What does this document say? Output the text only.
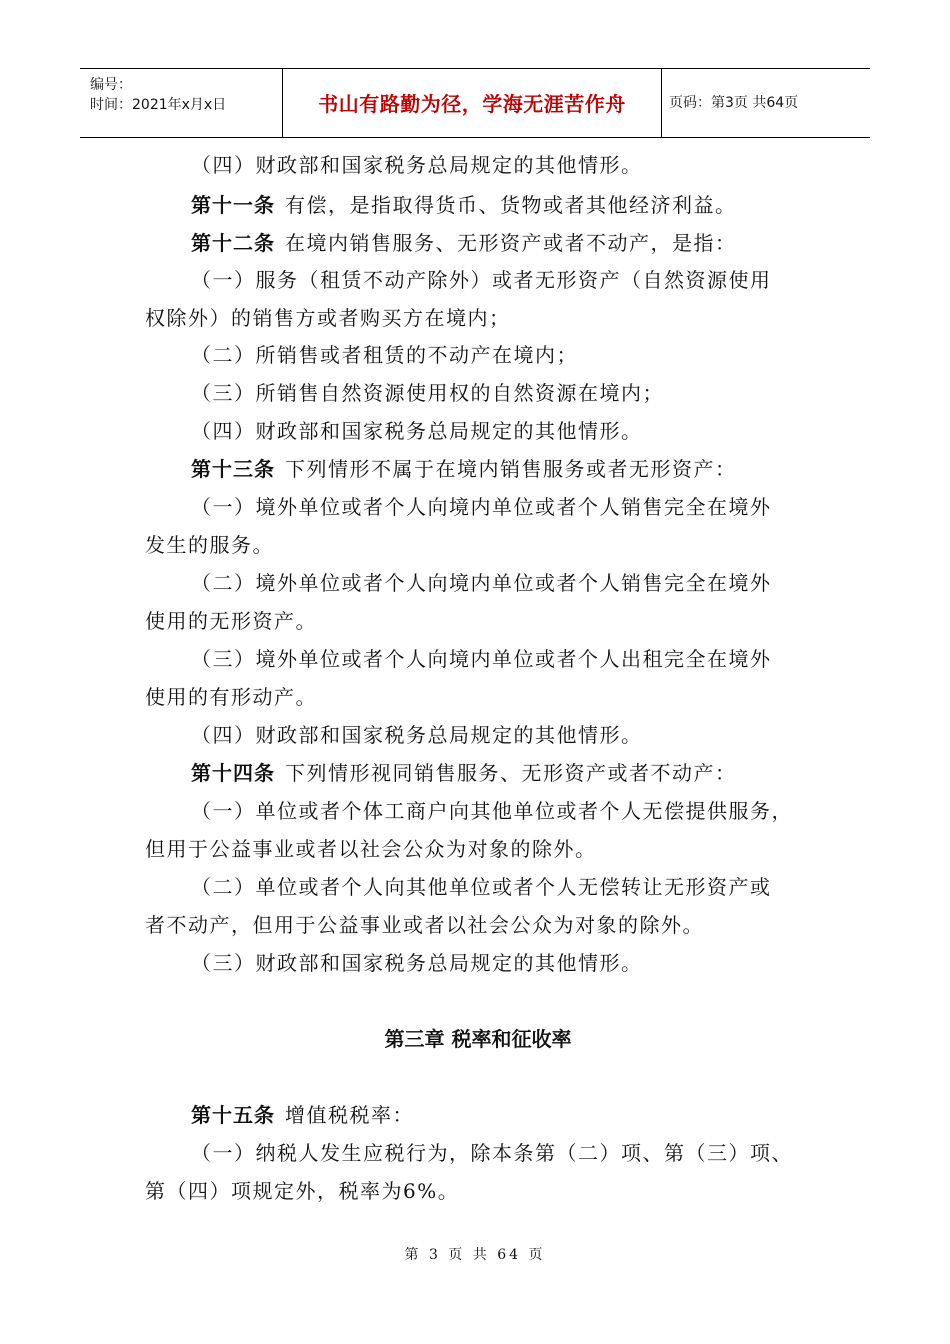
编号：
时间：2021年x月x日	书山有路勤为径，学海无涯苦作舟	页码：第3页 共64页
（四）财政部和国家税务总局规定的其他情形。
第十一条 有偿，是指取得货币、货物或者其他经济利益。
第十二条 在境内销售服务、无形资产或者不动产，是指：
（一）服务（租赁不动产除外）或者无形资产（自然资源使用
权除外）的销售方或者购买方在境内；
（二）所销售或者租赁的不动产在境内；
（三）所销售自然资源使用权的自然资源在境内；
（四）财政部和国家税务总局规定的其他情形。
第十三条 下列情形不属于在境内销售服务或者无形资产：
（一）境外单位或者个人向境内单位或者个人销售完全在境外
发生的服务。
（二）境外单位或者个人向境内单位或者个人销售完全在境外
使用的无形资产。
（三）境外单位或者个人向境内单位或者个人出租完全在境外
使用的有形动产。
（四）财政部和国家税务总局规定的其他情形。
第十四条 下列情形视同销售服务、无形资产或者不动产：
（一）单位或者个体工商户向其他单位或者个人无偿提供服务，
但用于公益事业或者以社会公众为对象的除外。
（二）单位或者个人向其他单位或者个人无偿转让无形资产或
者不动产，但用于公益事业或者以社会公众为对象的除外。
（三）财政部和国家税务总局规定的其他情形。
第三章 税率和征收率
第十五条 增值税税率：
（一）纳税人发生应税行为，除本条第（二）项、第（三）项、
第（四）项规定外，税率为6%。
第 3 页 共 64 页
